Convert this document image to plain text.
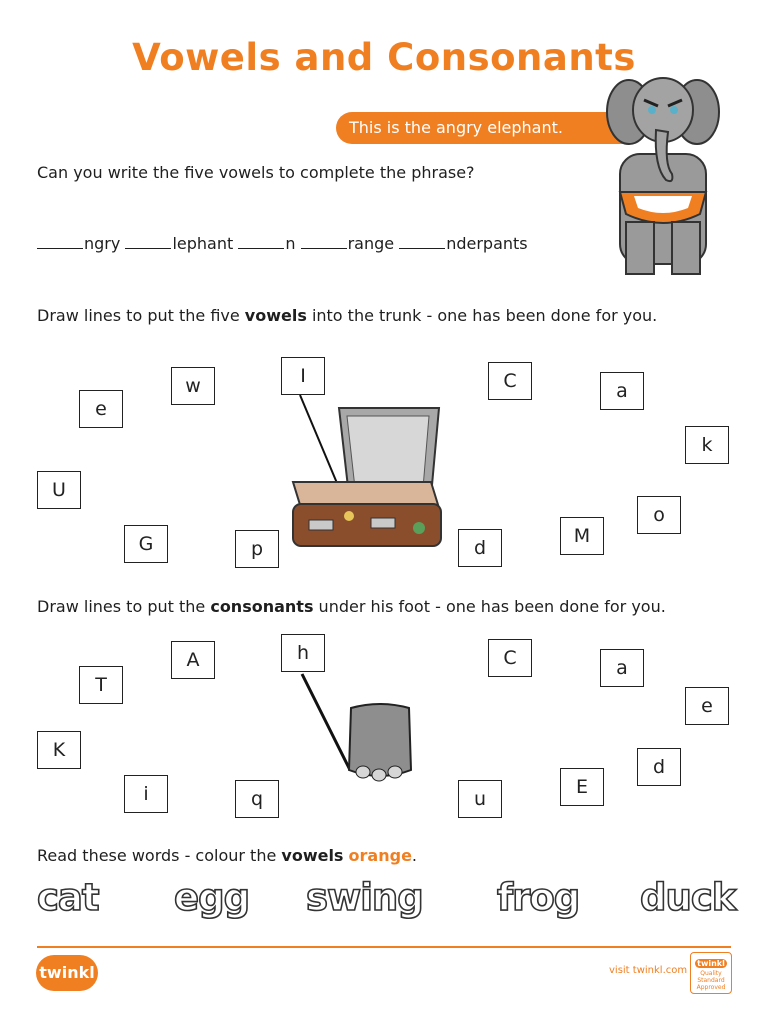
Vowels and Consonants
This is the angry elephant.
Can you write the five vowels to complete the phrase?
ngry	lephant	n	range	nderpants
Draw lines to put the five vowels into the trunk - one has been done for you.
e
w	I	C	a
k
U
G	p	d
M
o
Draw lines to put the consonants under his foot - one has been done for you.
T
A	h	C	a
e
K
i	q	u
E
d
Read these words - colour the vowels orange.
cat egg swing frog duck
twinkl	visit twinkl.com
twinkl
Quality Standard Approved
